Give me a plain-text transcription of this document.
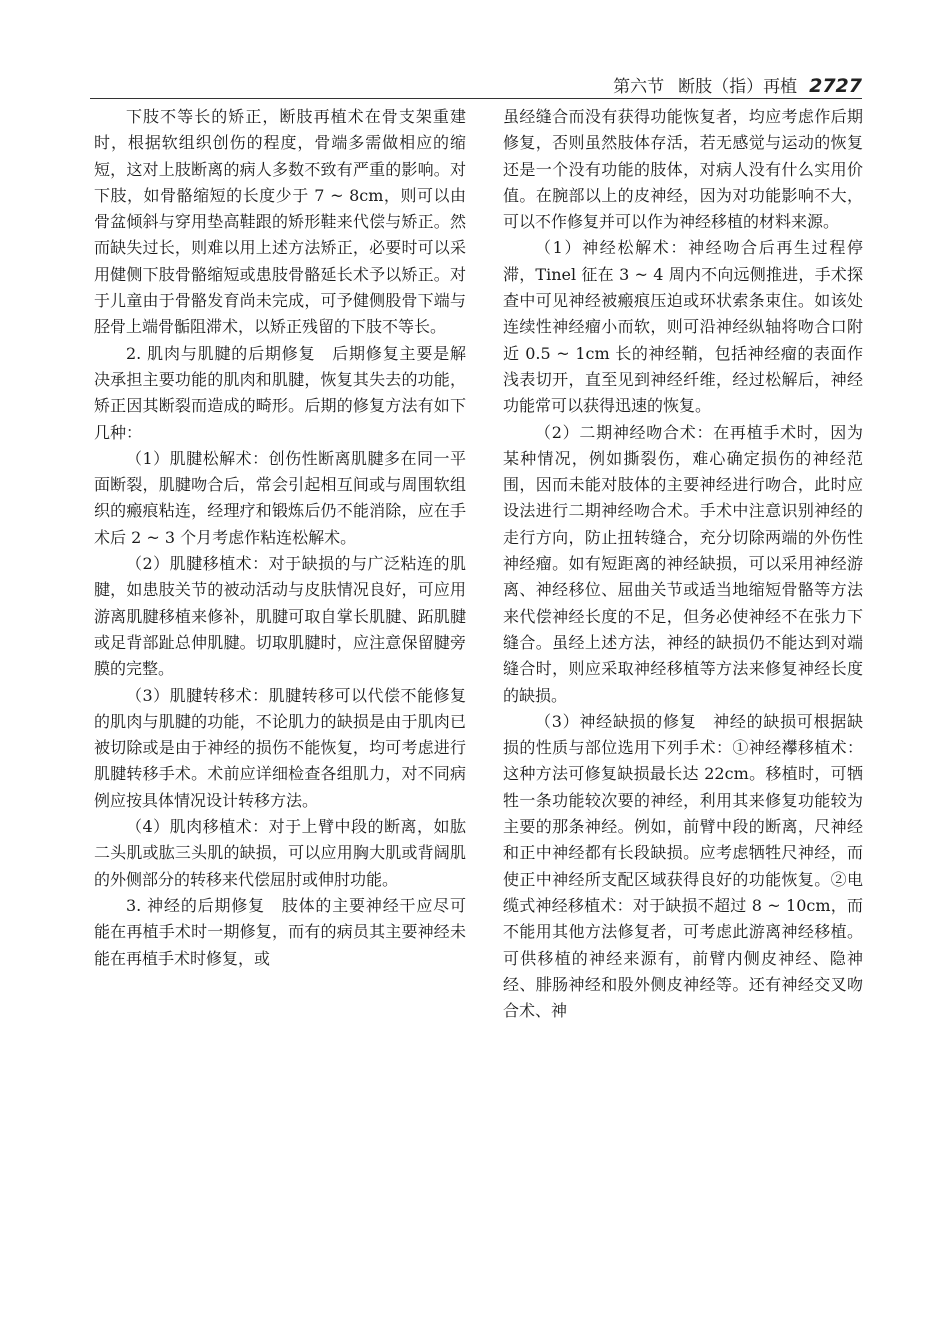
第六节 断肢（指）再植 2727

下肢不等长的矫正，断肢再植术在骨支架重建时，根据软组织创伤的程度，骨端多需做相应的缩短，这对上肢断离的病人多数不致有严重的影响。对下肢，如骨骼缩短的长度少于 7 ~ 8cm，则可以由骨盆倾斜与穿用垫高鞋跟的矫形鞋来代偿与矫正。然而缺失过长，则难以用上述方法矫正，必要时可以采用健侧下肢骨骼缩短或患肢骨骼延长术予以矫正。对于儿童由于骨骼发育尚未完成，可予健侧股骨下端与胫骨上端骨骺阻滞术，以矫正残留的下肢不等长。

2. 肌肉与肌腱的后期修复　后期修复主要是解决承担主要功能的肌肉和肌腱，恢复其失去的功能，矫正因其断裂而造成的畸形。后期的修复方法有如下几种：

（1）肌腱松解术：创伤性断离肌腱多在同一平面断裂，肌腱吻合后，常会引起相互间或与周围软组织的瘢痕粘连，经理疗和锻炼后仍不能消除，应在手术后 2 ~ 3 个月考虑作粘连松解术。

（2）肌腱移植术：对于缺损的与广泛粘连的肌腱，如患肢关节的被动活动与皮肤情况良好，可应用游离肌腱移植来修补，肌腱可取自掌长肌腱、跖肌腱或足背部趾总伸肌腱。切取肌腱时，应注意保留腱旁膜的完整。

（3）肌腱转移术：肌腱转移可以代偿不能修复的肌肉与肌腱的功能，不论肌力的缺损是由于肌肉已被切除或是由于神经的损伤不能恢复，均可考虑进行肌腱转移手术。术前应详细检查各组肌力，对不同病例应按具体情况设计转移方法。

（4）肌肉移植术：对于上臂中段的断离，如肱二头肌或肱三头肌的缺损，可以应用胸大肌或背阔肌的外侧部分的转移来代偿屈肘或伸肘功能。

3. 神经的后期修复　肢体的主要神经干应尽可能在再植手术时一期修复，而有的病员其主要神经未能在再植手术时修复，或

虽经缝合而没有获得功能恢复者，均应考虑作后期修复，否则虽然肢体存活，若无感觉与运动的恢复还是一个没有功能的肢体，对病人没有什么实用价值。在腕部以上的皮神经，因为对功能影响不大，可以不作修复并可以作为神经移植的材料来源。

（1）神经松解术：神经吻合后再生过程停滞，Tinel 征在 3 ~ 4 周内不向远侧推进，手术探查中可见神经被瘢痕压迫或环状索条束住。如该处连续性神经瘤小而软，则可沿神经纵轴将吻合口附近 0.5 ~ 1cm 长的神经鞘，包括神经瘤的表面作浅表切开，直至见到神经纤维，经过松解后，神经功能常可以获得迅速的恢复。

（2）二期神经吻合术：在再植手术时，因为某种情况，例如撕裂伤，难心确定损伤的神经范围，因而未能对肢体的主要神经进行吻合，此时应设法进行二期神经吻合术。手术中注意识别神经的走行方向，防止扭转缝合，充分切除两端的外伤性神经瘤。如有短距离的神经缺损，可以采用神经游离、神经移位、屈曲关节或适当地缩短骨骼等方法来代偿神经长度的不足，但务必使神经不在张力下缝合。虽经上述方法，神经的缺损仍不能达到对端缝合时，则应采取神经移植等方法来修复神经长度的缺损。

（3）神经缺损的修复　神经的缺损可根据缺损的性质与部位选用下列手术：①神经襻移植术：这种方法可修复缺损最长达 22cm。移植时，可牺牲一条功能较次要的神经，利用其来修复功能较为主要的那条神经。例如，前臂中段的断离，尺神经和正中神经都有长段缺损。应考虑牺牲尺神经，而使正中神经所支配区域获得良好的功能恢复。②电缆式神经移植术：对于缺损不超过 8 ~ 10cm，而不能用其他方法修复者，可考虑此游离神经移植。可供移植的神经来源有，前臂内侧皮神经、隐神经、腓肠神经和股外侧皮神经等。还有神经交叉吻合术、神
